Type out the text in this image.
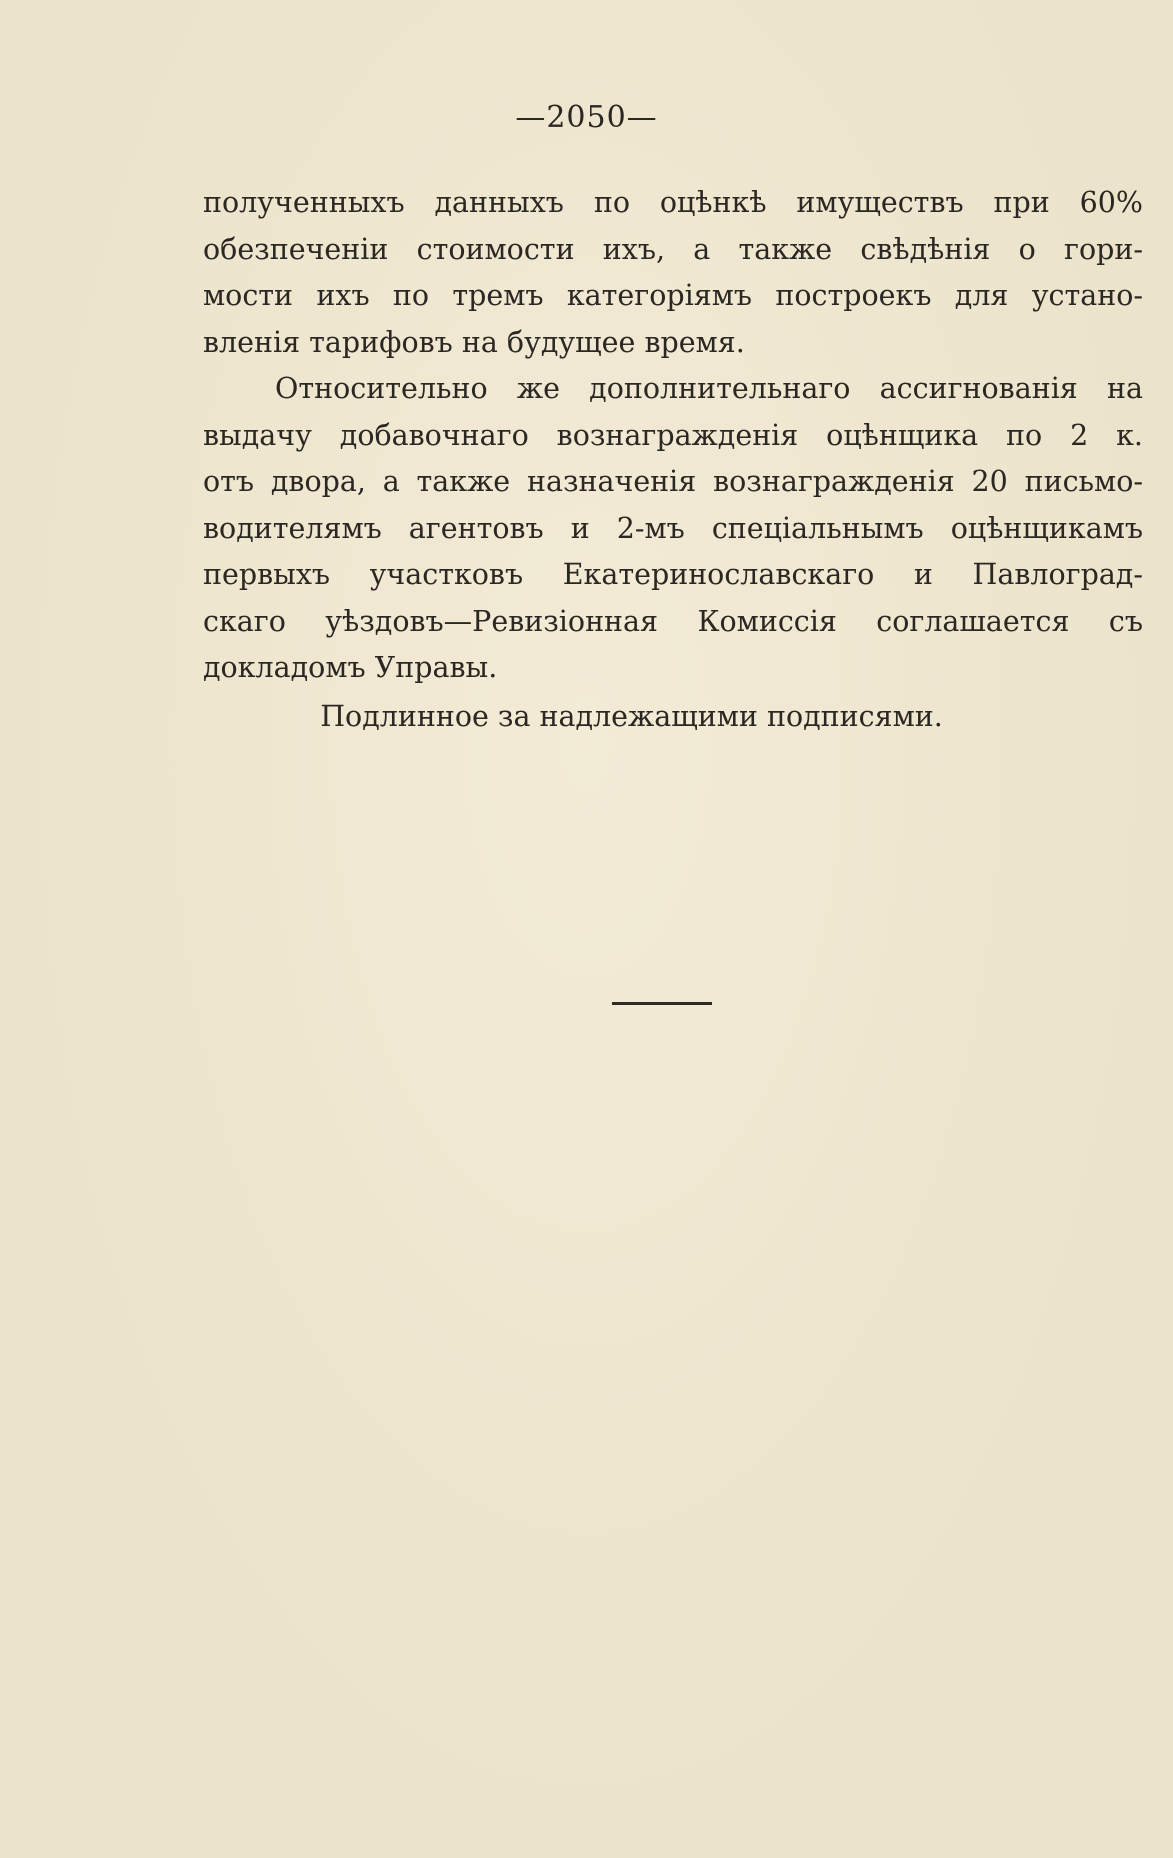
—2050—
полученныхъ данныхъ по оцѣнкѣ имуществъ при 60%
обезпеченіи стоимости ихъ, а также свѣдѣнія о гори-
мости ихъ по тремъ категоріямъ построекъ для устано-
вленія тарифовъ на будущее время.
Относительно же дополнительнаго ассигнованія на
выдачу добавочнаго вознагражденія оцѣнщика по 2 к.
отъ двора, а также назначенія вознагражденія 20 письмо-
водителямъ агентовъ и 2-мъ спеціальнымъ оцѣнщикамъ
первыхъ участковъ Екатеринославскаго и Павлоград-
скаго уѣздовъ—Ревизіонная Комиссія соглашается съ
докладомъ Управы.
Подлинное за надлежащими подписями.
